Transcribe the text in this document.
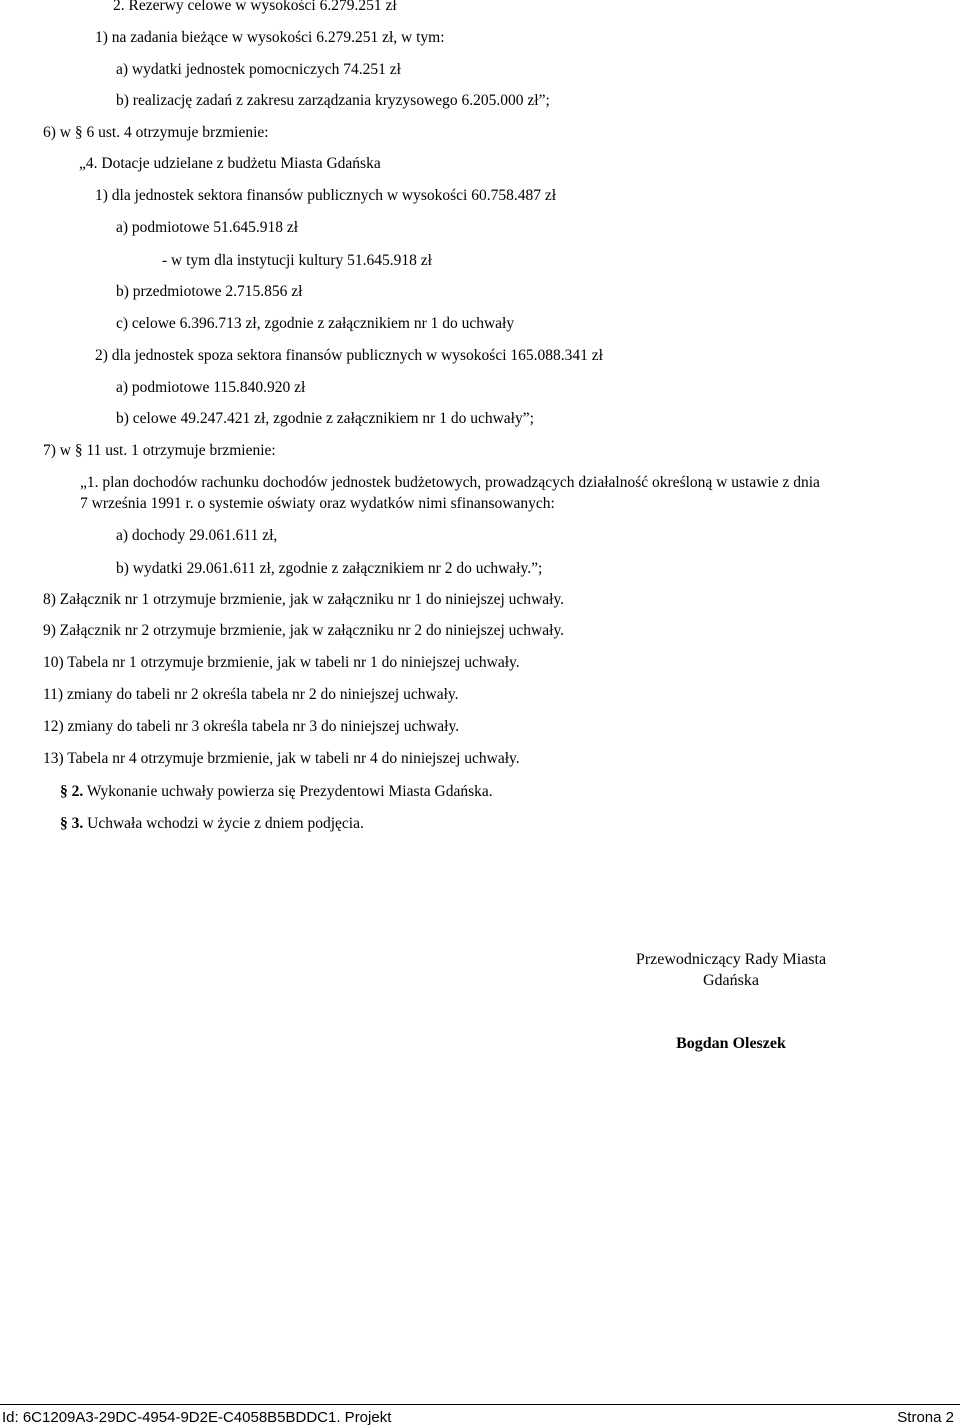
2. Rezerwy celowe w wysokości 6.279.251 zł
1) na zadania bieżące w wysokości 6.279.251 zł, w tym:
a) wydatki jednostek pomocniczych 74.251 zł
b) realizację zadań z zakresu zarządzania kryzysowego 6.205.000 zł”;
6) w § 6 ust. 4 otrzymuje brzmienie:
„4. Dotacje udzielane z budżetu Miasta Gdańska
1) dla jednostek sektora finansów publicznych w wysokości 60.758.487 zł
a) podmiotowe 51.645.918 zł
- w tym dla instytucji kultury 51.645.918 zł
b) przedmiotowe 2.715.856 zł
c) celowe 6.396.713 zł, zgodnie z załącznikiem nr 1 do uchwały
2) dla jednostek spoza sektora finansów publicznych w wysokości 165.088.341 zł
a) podmiotowe 115.840.920 zł
b) celowe 49.247.421 zł, zgodnie z załącznikiem nr 1 do uchwały”;
7) w § 11 ust. 1 otrzymuje brzmienie:
„1. plan dochodów rachunku dochodów jednostek budżetowych, prowadzących działalność określoną w ustawie z dnia
7 września 1991 r. o systemie oświaty oraz wydatków nimi sfinansowanych:
a) dochody 29.061.611 zł,
b) wydatki 29.061.611 zł, zgodnie z załącznikiem nr 2 do uchwały.”;
8) Załącznik nr 1 otrzymuje brzmienie, jak w załączniku nr 1 do niniejszej uchwały.
9) Załącznik nr 2 otrzymuje brzmienie, jak w załączniku nr 2 do niniejszej uchwały.
10) Tabela nr 1 otrzymuje brzmienie, jak w tabeli nr 1 do niniejszej uchwały.
11) zmiany do tabeli nr 2 określa tabela nr 2 do niniejszej uchwały.
12) zmiany do tabeli nr 3 określa tabela nr 3 do niniejszej uchwały.
13) Tabela nr 4 otrzymuje brzmienie, jak w tabeli nr 4 do niniejszej uchwały.
§ 2. Wykonanie uchwały powierza się Prezydentowi Miasta Gdańska.
§ 3. Uchwała wchodzi w życie z dniem podjęcia.
Przewodniczący Rady Miasta
Gdańska
Bogdan Oleszek
Id: 6C1209A3-29DC-4954-9D2E-C4058B5BDDC1. Projekt	Strona 2
